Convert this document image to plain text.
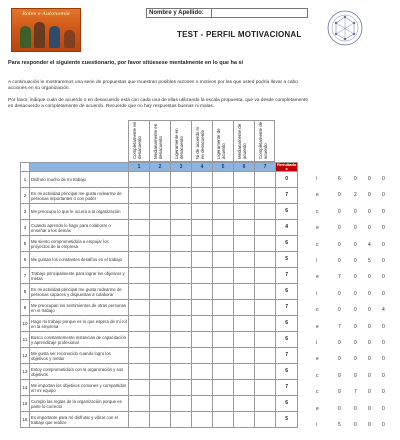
Roles e Autonomía	Nombre y Apellido:
TEST - PERFIL MOTIVACIONAL
Para responder el siguiente cuestionario, por favor sitúesese mentalmente en lo que ha si
A continuación le mostraremos una serie de propuestas que muestran posibles razones o motivos por las que usted podría llevar a cabo acciones en su organización.
Por favor, indique cuán de acuerdo o en desacuerdo está con cada una de ellas utilizando la escala propuesta, que va desde completamente en desacuerdo a completamente de acuerdo. Recuerde que no hay respuestas buenas ni malas.
Completamente en desacuerdo	Medianamente en desacuerdo	Ligeramente en desacuerdo	Ni de acuerdo ni en desacuerdo	Ligeramente de acuerdo	Medianamente de acuerdo	Completamente de acuerdo
		1	2	3	4	5	6	7	Resultado s
1	Disfruto mucho de mi trabajo								0
2	En mi actividad principal me gusta rodearme de personas importantes o con poder								7
3	Me preocupo lo que le ocurra a la organización								6
4	Cuando aprendo lo hago para colaborar o enseñar a los demás								4
5	Me siento comprometido/a a empujar los proyectos de la empresa								6
6	Me gustan los constantes desafíos en el trabajo								5
7	Trabajo principalmente para lograr los objetivos y metas								7
8	En mi actividad principal me gusta rodearme de personas capaces y dispuestas a colaborar								6
9	Me preocupan los sentimientos de otras personas en el trabajo								7
10	Hago mi trabajo porque es lo que espera de mí rol en la empresa								6
11	Busco constantemente instancias de capacitación y aprendizaje profesional								6
12	Me gusta ser reconocido cuando logro los objetivos y metas								7
13	Estoy comprometido/a con la organización y sus objetivos								6
14	Me importan los objetivos comunes y compartidos en mi equipo								7
15	Cumplo las reglas de la organización porque es parte lo correcto								6
16	Es importante para mí disfrutar y vibrar con el trabajo que realizo								5
i	6	0 0 0
e	0	2 0 0
c	0	0 0 0
e	0	0 0 0
c	0	0 4 0
i	0	0 5 0
e	7	0 0 0
i	0	0 0 0
c	0	0 0 4
e	7	0 0 0
i	0	0 0 0
e	0	0 0 0
c	0	0 0 0
c	0	7 0 0
e	0	0 0 0
i	5	0 0 0
